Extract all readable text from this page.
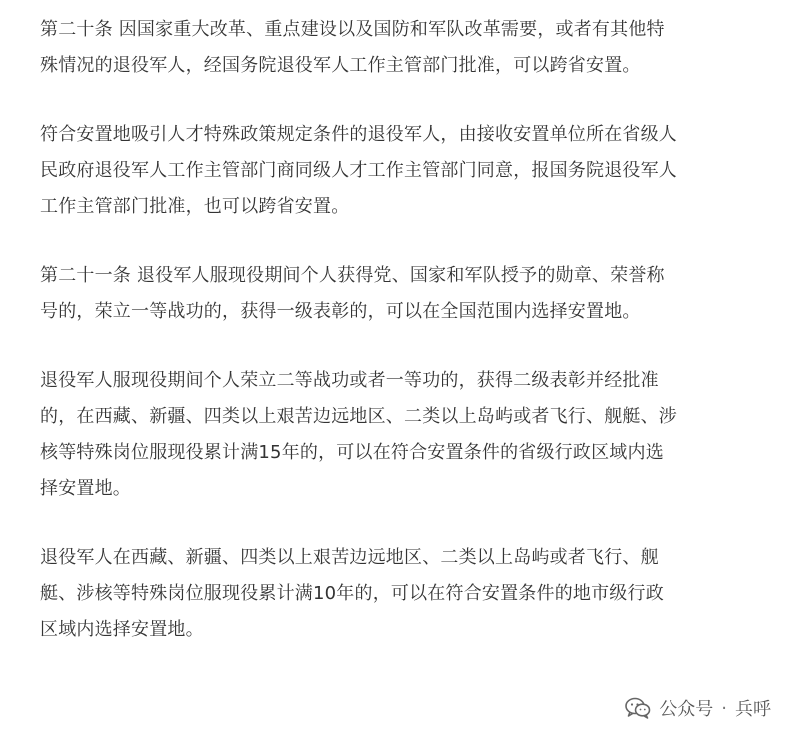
第二十条 因国家重大改革、重点建设以及国防和军队改革需要，或者有其他特
殊情况的退役军人，经国务院退役军人工作主管部门批准，可以跨省安置。

符合安置地吸引人才特殊政策规定条件的退役军人，由接收安置单位所在省级人
民政府退役军人工作主管部门商同级人才工作主管部门同意，报国务院退役军人
工作主管部门批准，也可以跨省安置。

第二十一条 退役军人服现役期间个人获得党、国家和军队授予的勋章、荣誉称
号的，荣立一等战功的，获得一级表彰的，可以在全国范围内选择安置地。

退役军人服现役期间个人荣立二等战功或者一等功的，获得二级表彰并经批准
的，在西藏、新疆、四类以上艰苦边远地区、二类以上岛屿或者飞行、舰艇、涉
核等特殊岗位服现役累计满15年的，可以在符合安置条件的省级行政区域内选
择安置地。

退役军人在西藏、新疆、四类以上艰苦边远地区、二类以上岛屿或者飞行、舰
艇、涉核等特殊岗位服现役累计满10年的，可以在符合安置条件的地市级行政
区域内选择安置地。

公众号 · 兵呼
